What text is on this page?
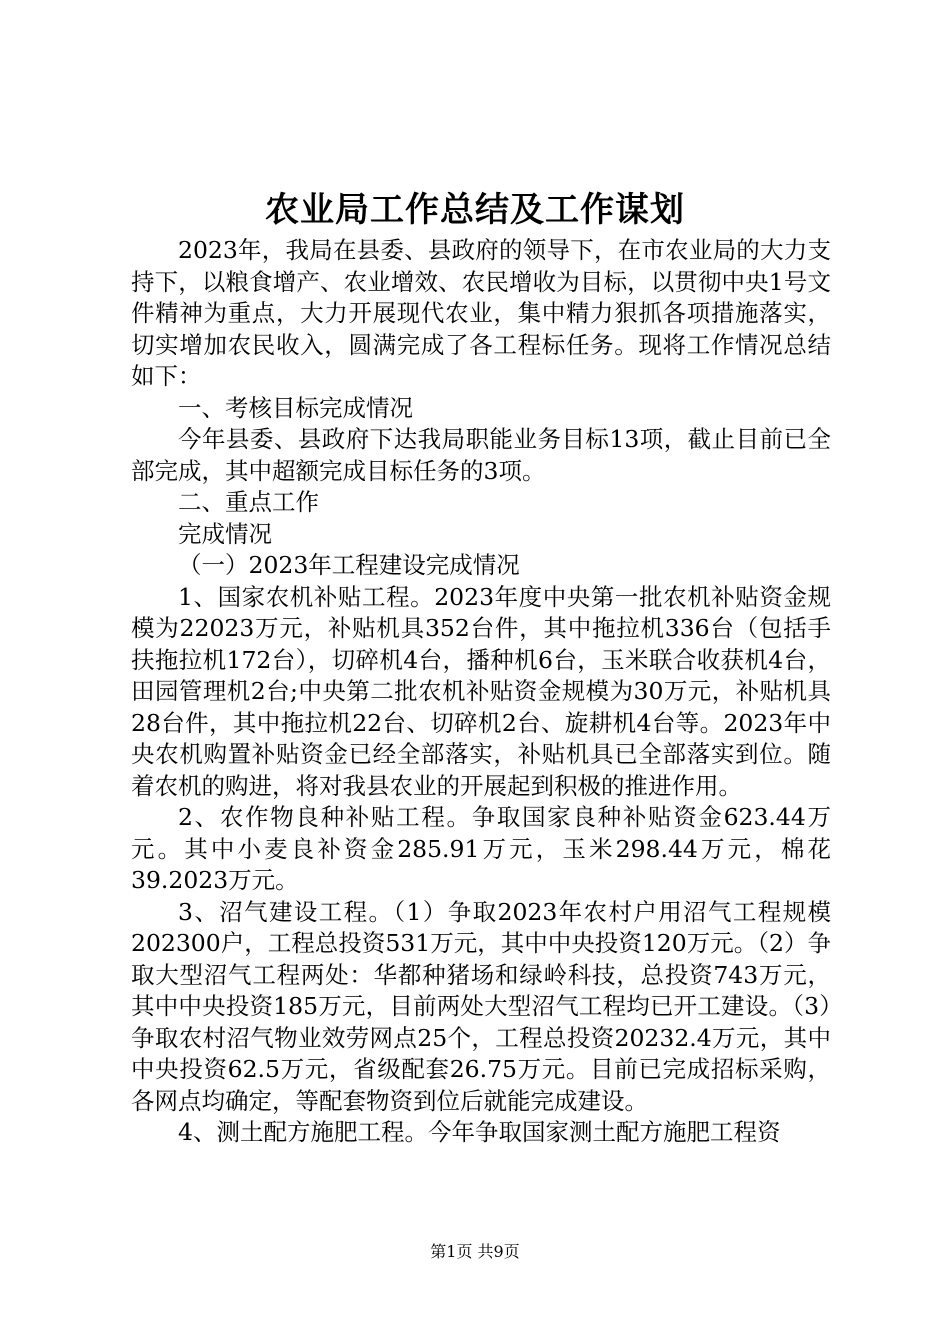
农业局工作总结及工作谋划

2023年，我局在县委、县政府的领导下，在市农业局的大力支持下，以粮食增产、农业增效、农民增收为目标，以贯彻中央1号文件精神为重点，大力开展现代农业，集中精力狠抓各项措施落实，切实增加农民收入，圆满完成了各工程标任务。现将工作情况总结如下：

一、考核目标完成情况

今年县委、县政府下达我局职能业务目标13项，截止目前已全部完成，其中超额完成目标任务的3项。

二、重点工作

完成情况

（一）2023年工程建设完成情况

1、国家农机补贴工程。2023年度中央第一批农机补贴资金规模为22023万元，补贴机具352台件，其中拖拉机336台（包括手扶拖拉机172台），切碎机4台，播种机6台，玉米联合收获机4台，田园管理机2台;中央第二批农机补贴资金规模为30万元，补贴机具28台件，其中拖拉机22台、切碎机2台、旋耕机4台等。2023年中央农机购置补贴资金已经全部落实，补贴机具已全部落实到位。随着农机的购进，将对我县农业的开展起到积极的推进作用。

2、农作物良种补贴工程。争取国家良种补贴资金623.44万元。其中小麦良补资金285.91万元，玉米298.44万元，棉花39.2023万元。

3、沼气建设工程。（1）争取2023年农村户用沼气工程规模202300户，工程总投资531万元，其中中央投资120万元。（2）争取大型沼气工程两处：华都种猪场和绿岭科技，总投资743万元，其中中央投资185万元，目前两处大型沼气工程均已开工建设。（3）争取农村沼气物业效劳网点25个，工程总投资20232.4万元，其中中央投资62.5万元，省级配套26.75万元。目前已完成招标采购，各网点均确定，等配套物资到位后就能完成建设。

4、测土配方施肥工程。今年争取国家测土配方施肥工程资

第1页 共9页
